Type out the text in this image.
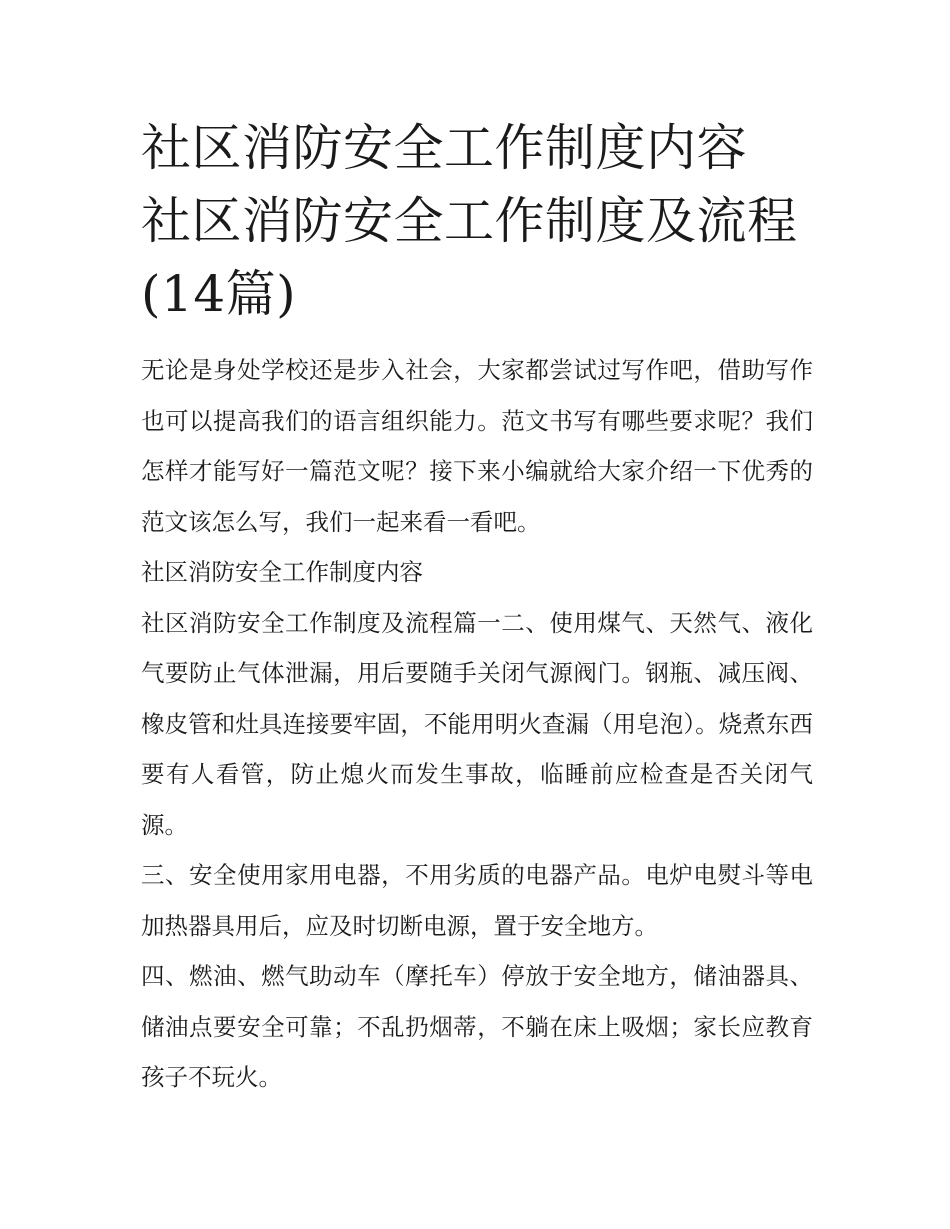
社区消防安全工作制度内容 社区消防安全工作制度及流程(14篇)

无论是身处学校还是步入社会，大家都尝试过写作吧，借助写作也可以提高我们的语言组织能力。范文书写有哪些要求呢？我们怎样才能写好一篇范文呢？接下来小编就给大家介绍一下优秀的范文该怎么写，我们一起来看一看吧。

社区消防安全工作制度内容

社区消防安全工作制度及流程篇一二、使用煤气、天然气、液化气要防止气体泄漏，用后要随手关闭气源阀门。钢瓶、减压阀、橡皮管和灶具连接要牢固，不能用明火查漏（用皂泡）。烧煮东西要有人看管，防止熄火而发生事故，临睡前应检查是否关闭气源。

三、安全使用家用电器，不用劣质的电器产品。电炉电熨斗等电加热器具用后，应及时切断电源，置于安全地方。

四、燃油、燃气助动车（摩托车）停放于安全地方，储油器具、储油点要安全可靠；不乱扔烟蒂，不躺在床上吸烟；家长应教育孩子不玩火。
